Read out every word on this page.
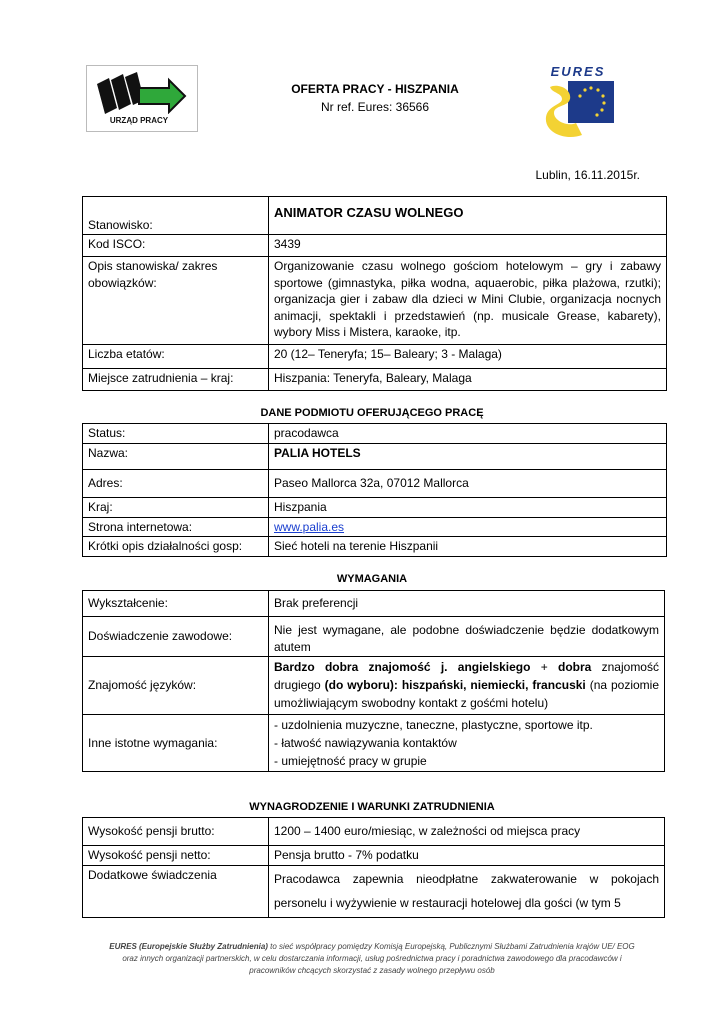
URZĄD PRACY
EURES
OFERTA PRACY - HISZPANIA
Nr ref. Eures: 36566
Lublin, 16.11.2015r.
Stanowisko:	ANIMATOR CZASU WOLNEGO
Kod ISCO:	3439
Opis stanowiska/ zakres obowiązków:	Organizowanie czasu wolnego gościom hotelowym – gry i zabawy sportowe (gimnastyka, piłka wodna, aquaerobic, piłka plażowa, rzutki); organizacja gier i zabaw dla dzieci w Mini Clubie, organizacja nocnych animacji, spektakli i przedstawień (np. musicale Grease, kabarety), wybory Miss i Mistera, karaoke, itp.
Liczba etatów:	20 (12– Teneryfa; 15– Baleary; 3 - Malaga)
Miejsce zatrudnienia – kraj:	Hiszpania: Teneryfa, Baleary, Malaga
DANE PODMIOTU OFERUJĄCEGO PRACĘ
Status:	pracodawca
Nazwa:	PALIA HOTELS
Adres:	Paseo Mallorca 32a, 07012 Mallorca
Kraj:	Hiszpania
Strona internetowa:	www.palia.es
Krótki opis działalności gosp:	Sieć hoteli na terenie Hiszpanii
WYMAGANIA
Wykształcenie:	Brak preferencji
Doświadczenie zawodowe:	Nie jest wymagane, ale podobne doświadczenie będzie dodatkowym atutem
Znajomość języków:	Bardzo dobra znajomość j. angielskiego + dobra znajomość drugiego (do wyboru): hiszpański, niemiecki, francuski (na poziomie umożliwiającym swobodny kontakt z gośćmi hotelu)
Inne istotne wymagania:	- uzdolnienia muzyczne, taneczne, plastyczne, sportowe itp.
- łatwość nawiązywania kontaktów
- umiejętność pracy w grupie
WYNAGRODZENIE I WARUNKI ZATRUDNIENIA
Wysokość pensji brutto:	1200 – 1400 euro/miesiąc, w zależności od miejsca pracy
Wysokość pensji netto:	Pensja brutto - 7% podatku
Dodatkowe świadczenia	Pracodawca zapewnia nieodpłatne zakwaterowanie w pokojach personelu i wyżywienie w restauracji hotelowej dla gości (w tym 5
EURES (Europejskie Służby Zatrudnienia) to sieć współpracy pomiędzy Komisją Europejską, Publicznymi Służbami Zatrudnienia krajów UE/ EOG
oraz innych organizacji partnerskich, w celu dostarczania informacji, usług pośrednictwa pracy i poradnictwa zawodowego dla pracodawców i
pracowników chcących skorzystać z zasady wolnego przepływu osób
